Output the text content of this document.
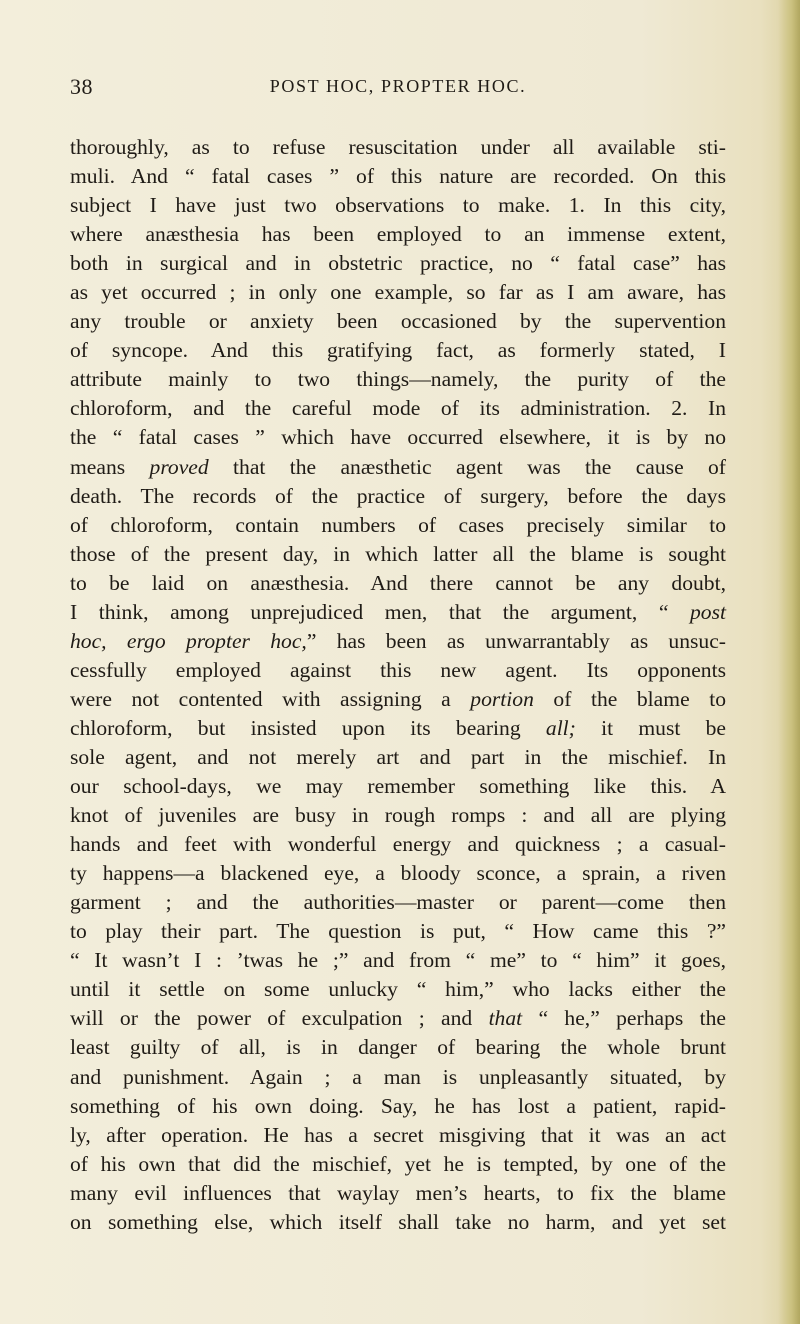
38	POST HOC, PROPTER HOC.
thoroughly, as to refuse resuscitation under all available sti-
muli. And “ fatal cases ” of this nature are recorded. On this
subject I have just two observations to make. 1. In this city,
where anæsthesia has been employed to an immense extent,
both in surgical and in obstetric practice, no “ fatal case” has
as yet occurred ; in only one example, so far as I am aware, has
any trouble or anxiety been occasioned by the supervention
of syncope. And this gratifying fact, as formerly stated, I
attribute mainly to two things—namely, the purity of the
chloroform, and the careful mode of its administration. 2. In
the “ fatal cases ” which have occurred elsewhere, it is by no
means proved that the anæsthetic agent was the cause of
death. The records of the practice of surgery, before the days
of chloroform, contain numbers of cases precisely similar to
those of the present day, in which latter all the blame is sought
to be laid on anæsthesia. And there cannot be any doubt,
I think, among unprejudiced men, that the argument, “ post
hoc, ergo propter hoc,” has been as unwarrantably as unsuc-
cessfully employed against this new agent. Its opponents
were not contented with assigning a portion of the blame to
chloroform, but insisted upon its bearing all; it must be
sole agent, and not merely art and part in the mischief. In
our school-days, we may remember something like this. A
knot of juveniles are busy in rough romps : and all are plying
hands and feet with wonderful energy and quickness ; a casual-
ty happens—a blackened eye, a bloody sconce, a sprain, a riven
garment ; and the authorities—master or parent—come then
to play their part. The question is put, “ How came this ?”
“ It wasn’t I : ’twas he ;” and from “ me” to “ him” it goes,
until it settle on some unlucky “ him,” who lacks either the
will or the power of exculpation ; and that “ he,” perhaps the
least guilty of all, is in danger of bearing the whole brunt
and punishment. Again ; a man is unpleasantly situated, by
something of his own doing. Say, he has lost a patient, rapid-
ly, after operation. He has a secret misgiving that it was an act
of his own that did the mischief, yet he is tempted, by one of the
many evil influences that waylay men’s hearts, to fix the blame
on something else, which itself shall take no harm, and yet set
